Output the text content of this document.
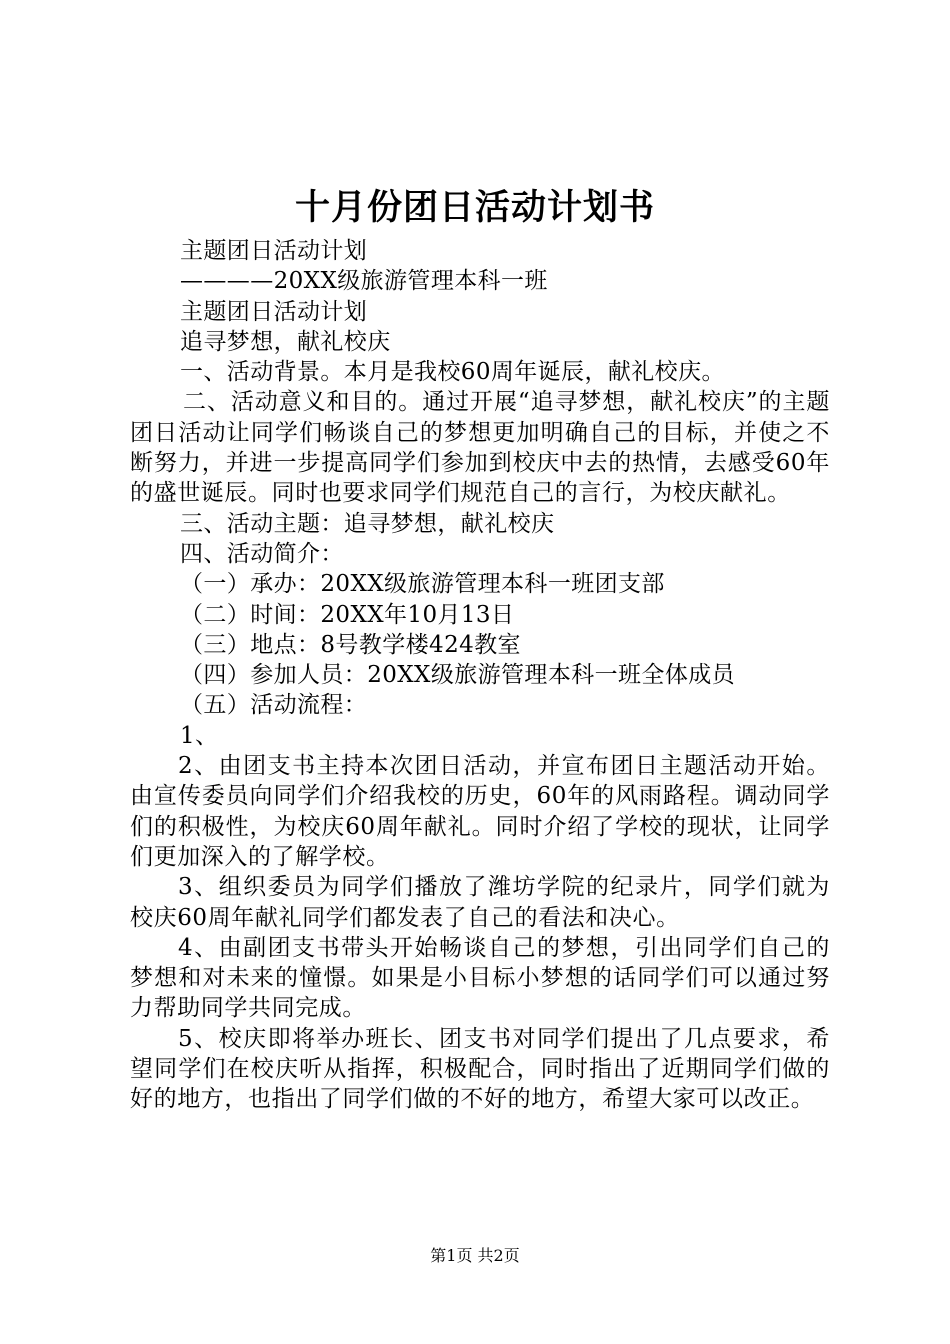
十月份团日活动计划书
主题团日活动计划
————20XX级旅游管理本科一班
主题团日活动计划
追寻梦想，献礼校庆
一、活动背景。本月是我校60周年诞辰，献礼校庆。
二、活动意义和目的。通过开展“追寻梦想，献礼校庆”的主题团日活动让同学们畅谈自己的梦想更加明确自己的目标，并使之不断努力，并进一步提高同学们参加到校庆中去的热情，去感受60年的盛世诞辰。同时也要求同学们规范自己的言行，为校庆献礼。
三、活动主题：追寻梦想，献礼校庆
四、活动简介：
（一）承办：20XX级旅游管理本科一班团支部
（二）时间：20XX年10月13日
（三）地点：8号教学楼424教室
（四）参加人员：20XX级旅游管理本科一班全体成员
（五）活动流程：
1、
2、由团支书主持本次团日活动，并宣布团日主题活动开始。由宣传委员向同学们介绍我校的历史，60年的风雨路程。调动同学们的积极性，为校庆60周年献礼。同时介绍了学校的现状，让同学们更加深入的了解学校。
3、组织委员为同学们播放了潍坊学院的纪录片，同学们就为校庆60周年献礼同学们都发表了自己的看法和决心。
4、由副团支书带头开始畅谈自己的梦想，引出同学们自己的梦想和对未来的憧憬。如果是小目标小梦想的话同学们可以通过努力帮助同学共同完成。
5、校庆即将举办班长、团支书对同学们提出了几点要求，希望同学们在校庆听从指挥，积极配合，同时指出了近期同学们做的好的地方，也指出了同学们做的不好的地方，希望大家可以改正。
第1页 共2页
